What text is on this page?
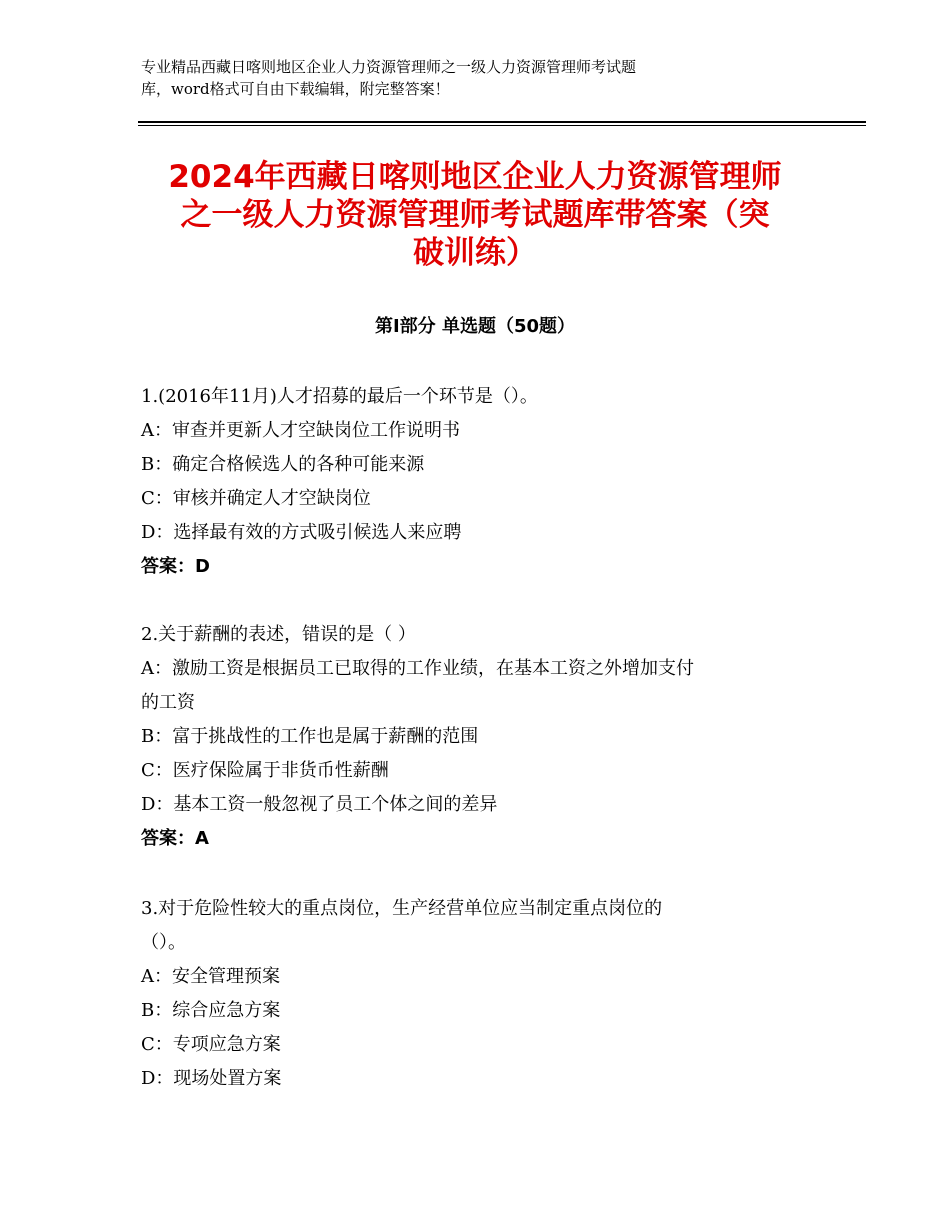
专业精品西藏日喀则地区企业人力资源管理师之一级人力资源管理师考试题
库，word格式可自由下载编辑，附完整答案！
2024年西藏日喀则地区企业人力资源管理师
之一级人力资源管理师考试题库带答案（突
破训练）
第Ⅰ部分 单选题（50题）
1.(2016年11月)人才招募的最后一个环节是（）。
A：审查并更新人才空缺岗位工作说明书
B：确定合格候选人的各种可能来源
C：审核并确定人才空缺岗位
D：选择最有效的方式吸引候选人来应聘
答案：D
2.关于薪酬的表述，错误的是（ ）
A：激励工资是根据员工已取得的工作业绩，在基本工资之外增加支付
的工资
B：富于挑战性的工作也是属于薪酬的范围
C：医疗保险属于非货币性薪酬
D：基本工资一般忽视了员工个体之间的差异
答案：A
3.对于危险性较大的重点岗位，生产经营单位应当制定重点岗位的
（）。
A：安全管理预案
B：综合应急方案
C：专项应急方案
D：现场处置方案
